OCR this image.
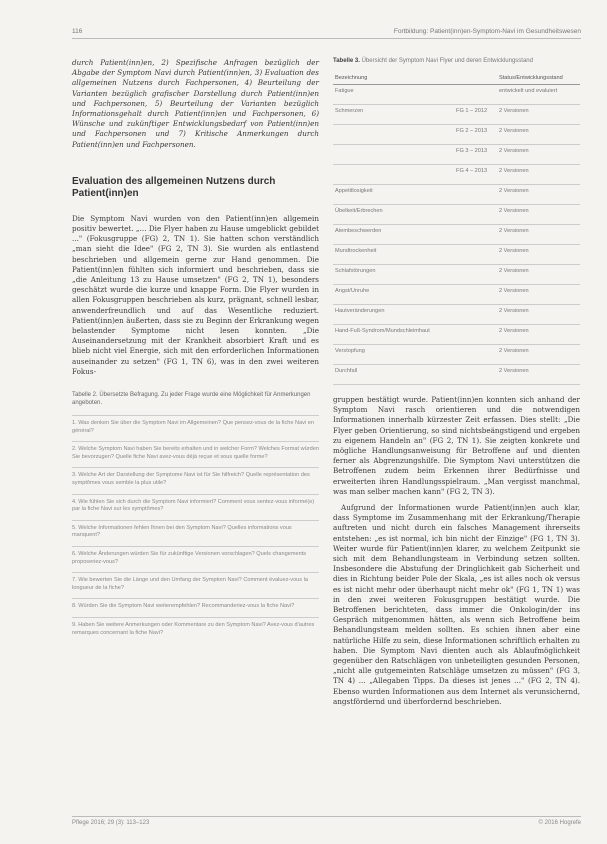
116	Fortbildung: Patient(inn)en-Symptom-Navi im Gesundheitswesen

durch Patient(inn)en, 2) Spezifische Anfragen bezüglich der Abgabe der Symptom Navi durch Patient(inn)en, 3) Evaluation des allgemeinen Nutzens durch Fachpersonen, 4) Beurteilung der Varianten bezüglich grafischer Darstellung durch Patient(inn)en und Fachpersonen, 5) Beurteilung der Varianten bezüglich Informationsgehalt durch Patient(inn)en und Fachpersonen, 6) Wünsche und zukünftiger Entwicklungsbedarf von Patient(inn)en und Fachpersonen und 7) Kritische Anmerkungen durch Patient(inn)en und Fachpersonen.

Evaluation des allgemeinen Nutzens durch Patient(inn)en

Die Symptom Navi wurden von den Patient(inn)en allgemein positiv bewertet. „... Die Flyer haben zu Hause umgeblickt gebildet ..." (Fokusgruppe (FG) 2, TN 1). Sie hatten schon verständlich „man sieht die Idee" (FG 2, TN 3). Sie wurden als entlastend beschrieben und allgemein gerne zur Hand genommen. Die Patient(inn)en fühlten sich informiert und beschrieben, dass sie „die Anleitung 13 zu Hause umsetzen" (FG 2, TN 1), besonders geschätzt wurde die kurze und knappe Form. Die Flyer wurden in allen Fokusgruppen beschrieben als kurz, prägnant, schnell lesbar, anwenderfreundlich und auf das Wesentliche reduziert. Patient(inn)en äußerten, dass sie zu Beginn der Erkrankung wegen belastender Symptome nicht lesen konnten. „Die Auseinandersetzung mit der Krankheit absorbiert Kraft und es blieb nicht viel Energie, sich mit den erforderlichen Informationen auseinander zu setzen" (FG 1, TN 6), was in den zwei weiteren Fokus-

Tabelle 2. Übersetzte Befragung. Zu jeder Frage wurde eine Möglichkeit für Anmerkungen angeboten.
1. Was denken Sie über die Symptom Navi im Allgemeinen? Que pensez-vous de la fiche Navi en général?
2. Welche Symptom Navi haben Sie bereits erhalten und in welcher Form? Welches Format würden Sie bevorzugen? Quelle fiche Navi avez-vous déjà reçue et sous quelle forme?
3. Welche Art der Darstellung der Symptome Navi ist für Sie hilfreich? Quelle représentation des symptômes vous semble la plus utile?
4. Wie fühlen Sie sich durch die Symptom Navi informiert? Comment vous sentez-vous informé(e) par la fiche Navi sur les symptômes?
5. Welche Informationen fehlen Ihnen bei den Symptom Navi? Quelles informations vous manquent?
6. Welche Änderungen würden Sie für zukünftige Versionen vorschlagen? Quels changements proposeriez-vous?
7. Wie bewerten Sie die Länge und den Umfang der Symptom Navi? Comment évaluez-vous la longueur de la fiche?
8. Würden Sie die Symptom Navi weiterempfehlen? Recommanderiez-vous la fiche Navi?
9. Haben Sie weitere Anmerkungen oder Kommentare zu den Symptom Navi? Avez-vous d'autres remarques concernant la fiche Navi?
Tabelle 3. Übersicht der Symptom Navi Flyer und deren Entwicklungsstand
Bezeichnung		Status/Entwicklungsstand
Fatigue		entwickelt und evaluiert
Schmerzen	FG 1 – 2012	2 Versionen
	FG 2 – 2013	2 Versionen
	FG 3 – 2013	2 Versionen
	FG 4 – 2013	2 Versionen
Appetitlosigkeit		2 Versionen
Übelkeit/Erbrechen		2 Versionen
Atembeschwerden		2 Versionen
Mundtrockenheit		2 Versionen
Schlafstörungen		2 Versionen
Angst/Unruhe		2 Versionen
Hautveränderungen		2 Versionen
Hand-Fuß-Syndrom/Mundschleimhaut		2 Versionen
Verstopfung		2 Versionen
Durchfall		2 Versionen

gruppen bestätigt wurde. Patient(inn)en konnten sich anhand der Symptom Navi rasch orientieren und die notwendigen Informationen innerhalb kürzester Zeit erfassen. Dies stellt: „Die Flyer geben Orientierung, so sind nichtsbeängstigend und ergeben zu eigenem Handeln an" (FG 2, TN 1). Sie zeigten konkrete und mögliche Handlungsanweisung für Betroffene auf und dienten ferner als Abgrenzungshilfe. Die Symptom Navi unterstützen die Betroffenen zudem beim Erkennen ihrer Bedürfnisse und erweiterten ihren Handlungsspielraum. „Man vergisst manchmal, was man selber machen kann" (FG 2, TN 3).

Aufgrund der Informationen wurde Patient(inn)en auch klar, dass Symptome im Zusammenhang mit der Erkrankung/Therapie auftreten und nicht durch ein falsches Management ihrerseits entstehen: „es ist normal, ich bin nicht der Einzige" (FG 1, TN 3). Weiter wurde für Patient(inn)en klarer, zu welchem Zeitpunkt sie sich mit dem Behandlungsteam in Verbindung setzen sollten. Insbesondere die Abstufung der Dringlichkeit gab Sicherheit und dies in Richtung beider Pole der Skala, „es ist alles noch ok versus es ist nicht mehr oder überhaupt nicht mehr ok" (FG 1, TN 1) was in den zwei weiteren Fokusgruppen bestätigt wurde. Die Betroffenen berichteten, dass immer die Onkologin/der ins Gespräch mitgenommen hätten, als wenn sich Betroffene beim Behandlungsteam melden sollten. Es schien ihnen aber eine natürliche Hilfe zu sein, diese Informationen schriftlich erhalten zu haben. Die Symptom Navi dienten auch als Ablaufmöglichkeit gegenüber den Ratschlägen von unbeteiligten gesunden Personen, „nicht alle gutgemeinten Ratschläge umsetzen zu müssen" (FG 3, TN 4) ... „Allegaben Tipps. Da dieses ist jenes ..." (FG 2, TN 4). Ebenso wurden Informationen aus dem Internet als verunsichernd, angstfördernd und überfordernd beschrieben.

Pflege 2016; 29 (3): 113–123	© 2016 Hogrefe
